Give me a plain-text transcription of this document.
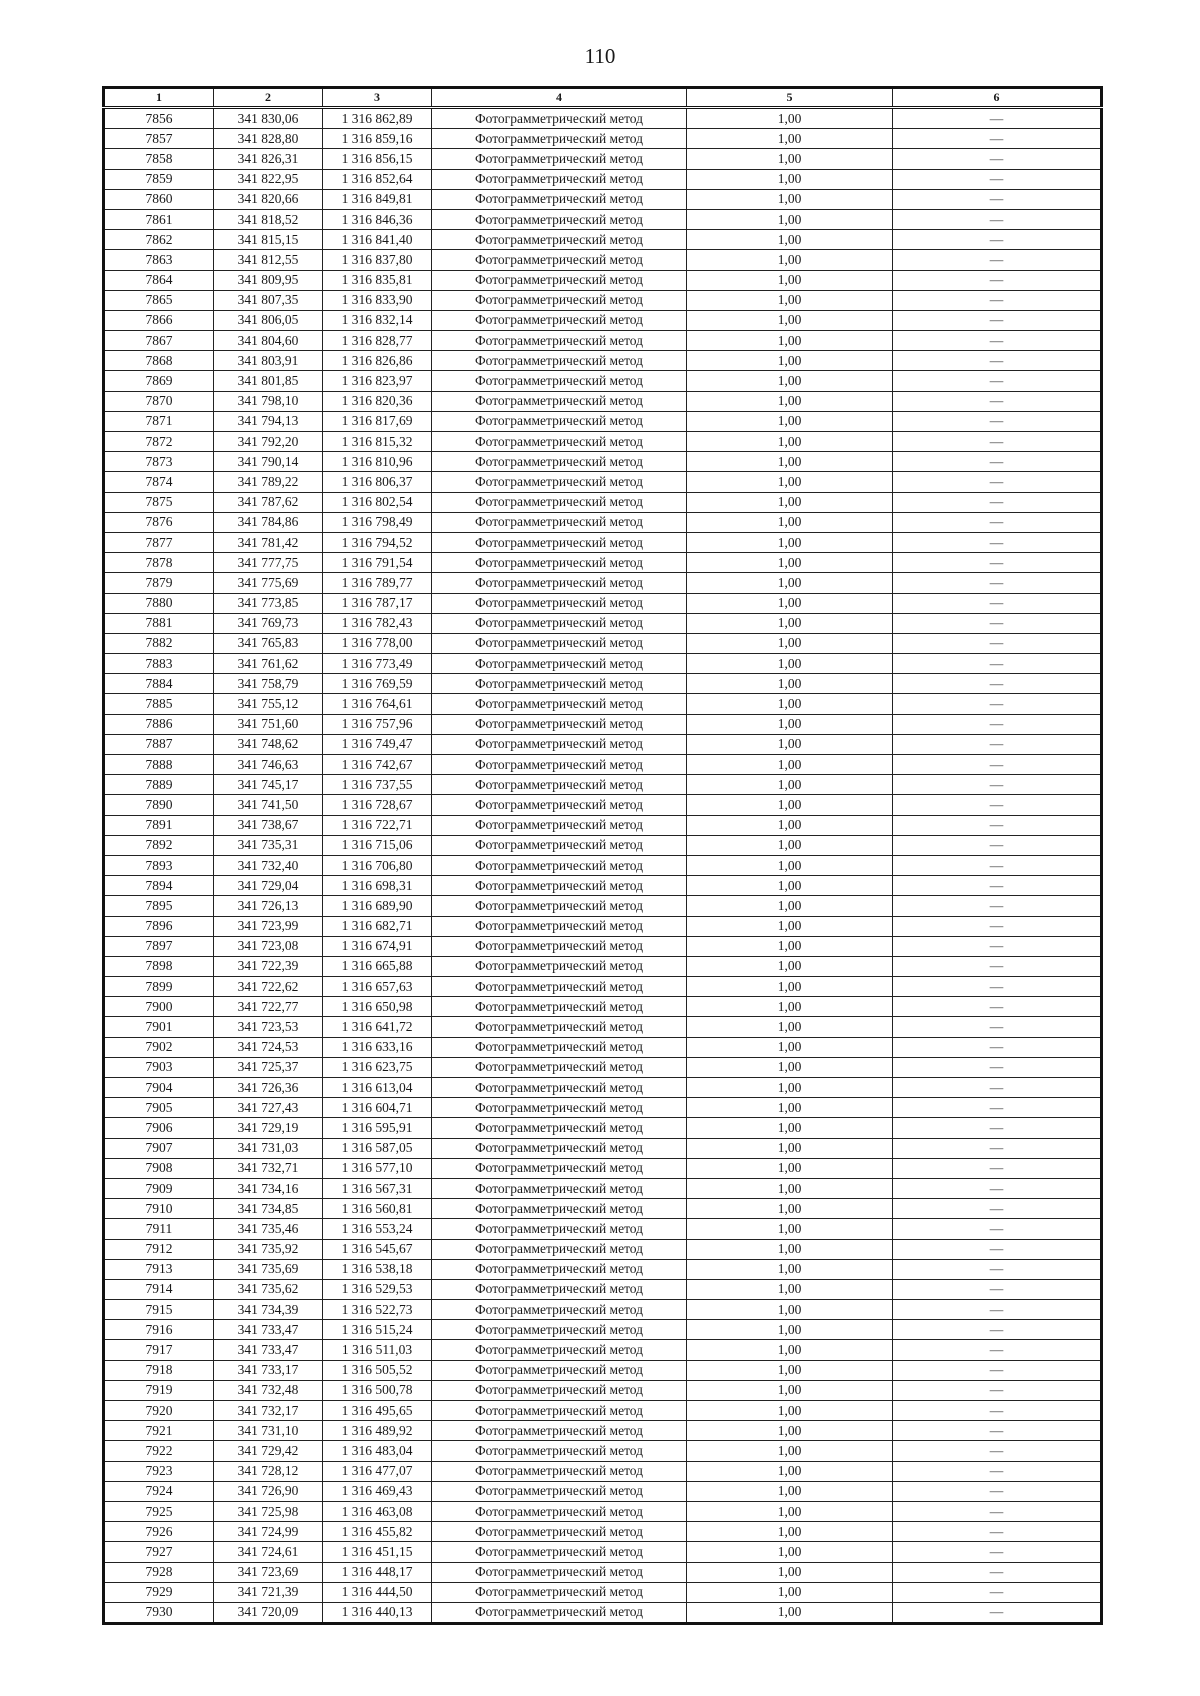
110
1	2	3	4	5	6
7856	341 830,06	1 316 862,89	Фотограмметрический метод	1,00	—
7857	341 828,80	1 316 859,16	Фотограмметрический метод	1,00	—
7858	341 826,31	1 316 856,15	Фотограмметрический метод	1,00	—
7859	341 822,95	1 316 852,64	Фотограмметрический метод	1,00	—
7860	341 820,66	1 316 849,81	Фотограмметрический метод	1,00	—
7861	341 818,52	1 316 846,36	Фотограмметрический метод	1,00	—
7862	341 815,15	1 316 841,40	Фотограмметрический метод	1,00	—
7863	341 812,55	1 316 837,80	Фотограмметрический метод	1,00	—
7864	341 809,95	1 316 835,81	Фотограмметрический метод	1,00	—
7865	341 807,35	1 316 833,90	Фотограмметрический метод	1,00	—
7866	341 806,05	1 316 832,14	Фотограмметрический метод	1,00	—
7867	341 804,60	1 316 828,77	Фотограмметрический метод	1,00	—
7868	341 803,91	1 316 826,86	Фотограмметрический метод	1,00	—
7869	341 801,85	1 316 823,97	Фотограмметрический метод	1,00	—
7870	341 798,10	1 316 820,36	Фотограмметрический метод	1,00	—
7871	341 794,13	1 316 817,69	Фотограмметрический метод	1,00	—
7872	341 792,20	1 316 815,32	Фотограмметрический метод	1,00	—
7873	341 790,14	1 316 810,96	Фотограмметрический метод	1,00	—
7874	341 789,22	1 316 806,37	Фотограмметрический метод	1,00	—
7875	341 787,62	1 316 802,54	Фотограмметрический метод	1,00	—
7876	341 784,86	1 316 798,49	Фотограмметрический метод	1,00	—
7877	341 781,42	1 316 794,52	Фотограмметрический метод	1,00	—
7878	341 777,75	1 316 791,54	Фотограмметрический метод	1,00	—
7879	341 775,69	1 316 789,77	Фотограмметрический метод	1,00	—
7880	341 773,85	1 316 787,17	Фотограмметрический метод	1,00	—
7881	341 769,73	1 316 782,43	Фотограмметрический метод	1,00	—
7882	341 765,83	1 316 778,00	Фотограмметрический метод	1,00	—
7883	341 761,62	1 316 773,49	Фотограмметрический метод	1,00	—
7884	341 758,79	1 316 769,59	Фотограмметрический метод	1,00	—
7885	341 755,12	1 316 764,61	Фотограмметрический метод	1,00	—
7886	341 751,60	1 316 757,96	Фотограмметрический метод	1,00	—
7887	341 748,62	1 316 749,47	Фотограмметрический метод	1,00	—
7888	341 746,63	1 316 742,67	Фотограмметрический метод	1,00	—
7889	341 745,17	1 316 737,55	Фотограмметрический метод	1,00	—
7890	341 741,50	1 316 728,67	Фотограмметрический метод	1,00	—
7891	341 738,67	1 316 722,71	Фотограмметрический метод	1,00	—
7892	341 735,31	1 316 715,06	Фотограмметрический метод	1,00	—
7893	341 732,40	1 316 706,80	Фотограмметрический метод	1,00	—
7894	341 729,04	1 316 698,31	Фотограмметрический метод	1,00	—
7895	341 726,13	1 316 689,90	Фотограмметрический метод	1,00	—
7896	341 723,99	1 316 682,71	Фотограмметрический метод	1,00	—
7897	341 723,08	1 316 674,91	Фотограмметрический метод	1,00	—
7898	341 722,39	1 316 665,88	Фотограмметрический метод	1,00	—
7899	341 722,62	1 316 657,63	Фотограмметрический метод	1,00	—
7900	341 722,77	1 316 650,98	Фотограмметрический метод	1,00	—
7901	341 723,53	1 316 641,72	Фотограмметрический метод	1,00	—
7902	341 724,53	1 316 633,16	Фотограмметрический метод	1,00	—
7903	341 725,37	1 316 623,75	Фотограмметрический метод	1,00	—
7904	341 726,36	1 316 613,04	Фотограмметрический метод	1,00	—
7905	341 727,43	1 316 604,71	Фотограмметрический метод	1,00	—
7906	341 729,19	1 316 595,91	Фотограмметрический метод	1,00	—
7907	341 731,03	1 316 587,05	Фотограмметрический метод	1,00	—
7908	341 732,71	1 316 577,10	Фотограмметрический метод	1,00	—
7909	341 734,16	1 316 567,31	Фотограмметрический метод	1,00	—
7910	341 734,85	1 316 560,81	Фотограмметрический метод	1,00	—
7911	341 735,46	1 316 553,24	Фотограмметрический метод	1,00	—
7912	341 735,92	1 316 545,67	Фотограмметрический метод	1,00	—
7913	341 735,69	1 316 538,18	Фотограмметрический метод	1,00	—
7914	341 735,62	1 316 529,53	Фотограмметрический метод	1,00	—
7915	341 734,39	1 316 522,73	Фотограмметрический метод	1,00	—
7916	341 733,47	1 316 515,24	Фотограмметрический метод	1,00	—
7917	341 733,47	1 316 511,03	Фотограмметрический метод	1,00	—
7918	341 733,17	1 316 505,52	Фотограмметрический метод	1,00	—
7919	341 732,48	1 316 500,78	Фотограмметрический метод	1,00	—
7920	341 732,17	1 316 495,65	Фотограмметрический метод	1,00	—
7921	341 731,10	1 316 489,92	Фотограмметрический метод	1,00	—
7922	341 729,42	1 316 483,04	Фотограмметрический метод	1,00	—
7923	341 728,12	1 316 477,07	Фотограмметрический метод	1,00	—
7924	341 726,90	1 316 469,43	Фотограмметрический метод	1,00	—
7925	341 725,98	1 316 463,08	Фотограмметрический метод	1,00	—
7926	341 724,99	1 316 455,82	Фотограмметрический метод	1,00	—
7927	341 724,61	1 316 451,15	Фотограмметрический метод	1,00	—
7928	341 723,69	1 316 448,17	Фотограмметрический метод	1,00	—
7929	341 721,39	1 316 444,50	Фотограмметрический метод	1,00	—
7930	341 720,09	1 316 440,13	Фотограмметрический метод	1,00	—
